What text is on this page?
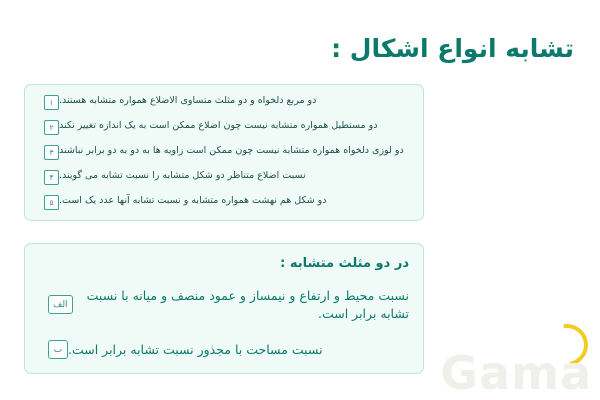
Gama
تشابه انواع اشکال :
۱ دو مربع دلخواه و دو مثلث متساوی الاضلاع همواره متشابه هستند.
۲ دو مستطیل همواره متشابه نیست چون اضلاع ممکن است به یک اندازه تغییر نکند
۳ دو لوزی دلخواه همواره متشابه نیست چون ممکن است زاویه ها به دو به دو برابر نباشند
۴ نسبت اضلاع متناظر دو شکل متشابه را نسبت تشابه می گویند.
۵ دو شکل هم نهشت همواره متشابه و نسبت تشابه آنها عدد یک است.
در دو مثلث متشابه :
الف
نسبت محیط و ارتفاع و نیمساز و عمود منصف و میانه با نسبت تشابه برابر است.
ب نسبت مساحت با مجذور نسبت تشابه برابر است.
